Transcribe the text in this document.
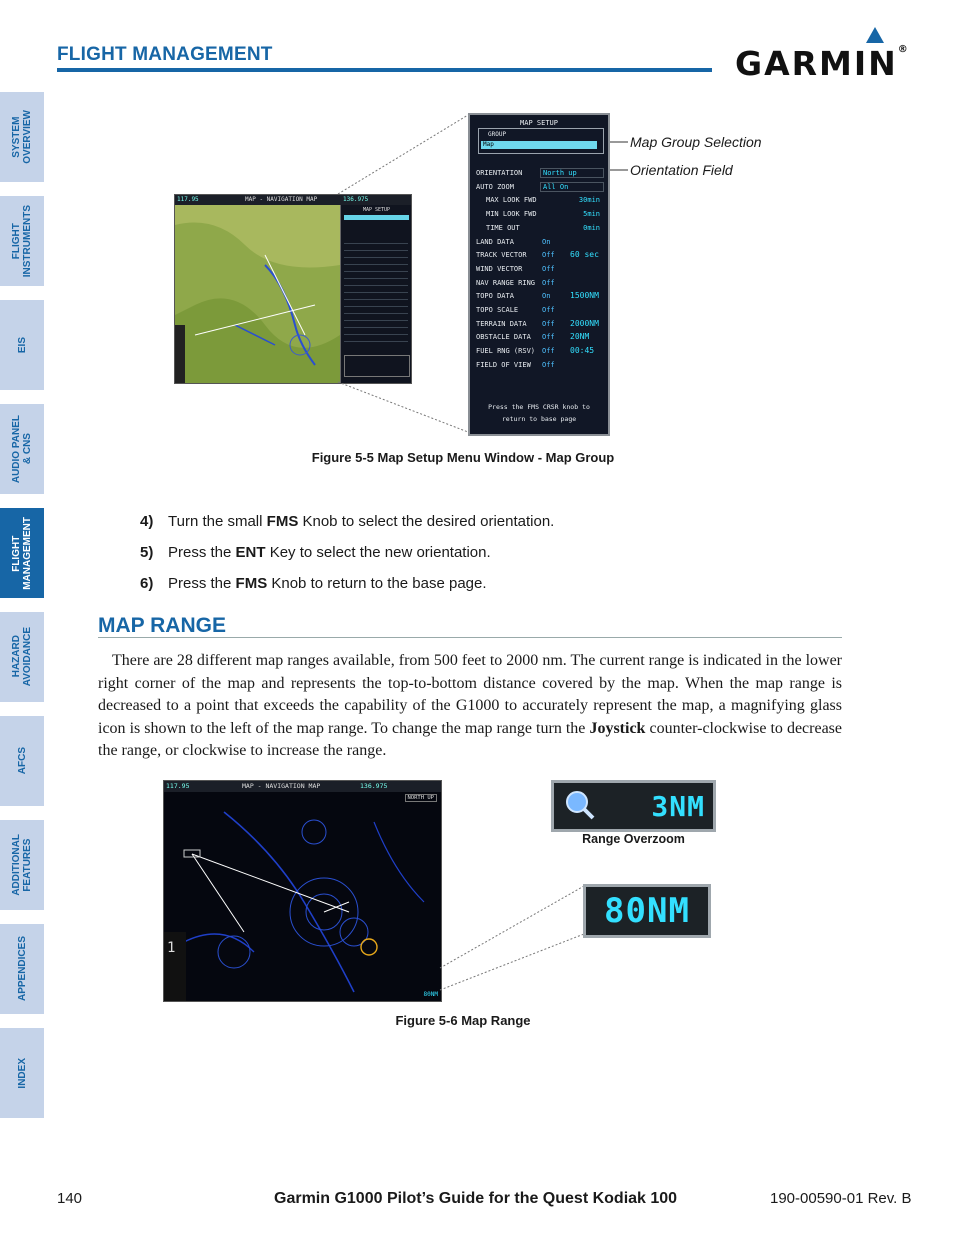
FLIGHT MANAGEMENT	GARMIN®
SYSTEM
OVERVIEW
FLIGHT
INSTRUMENTS
EIS
AUDIO PANEL
& CNS
FLIGHT
MANAGEMENT
HAZARD
AVOIDANCE
AFCS
ADDITIONAL
FEATURES
APPENDICES
INDEX
117.95	MAP - NAVIGATION MAP	136.975
MAP SETUP
MAP SETUP
GROUP
Map
ORIENTATION	North up
AUTO ZOOM	All On
MAX LOOK FWD	30min
MIN LOOK FWD	5min
TIME OUT	0min
LAND DATA	On
TRACK VECTOR Off 60 sec
WIND VECTOR	Off
NAV RANGE RING Off
TOPO DATA	On 1500NM
TOPO SCALE	Off
TERRAIN DATA Off 2000NM
OBSTACLE DATA Off 20NM
FUEL RNG (RSV) Off 00:45
FIELD OF VIEW Off
Press the FMS CRSR knob to
return to base page
Map Group Selection
Orientation Field
Figure 5-5 Map Setup Menu Window - Map Group
4) Turn the small FMS Knob to select the desired orientation.
5) Press the ENT Key to select the new orientation.
6) Press the FMS Knob to return to the base page.
MAP RANGE
There are 28 different map ranges available, from 500 feet to 2000 nm. The current range is indicated in the lower right corner of the map and represents the top-to-bottom distance covered by the map. When the map range is decreased to a point that exceeds the capability of the G1000 to accurately represent the map, a magnifying glass icon is shown to the left of the map range. To change the map range turn the Joystick counter-clockwise to decrease the range, or clockwise to increase the range.
117.95	MAP - NAVIGATION MAP	136.975
NORTH UP
1
80NM
3NM
Range Overzoom
80NM
Figure 5-6 Map Range
140	Garmin G1000 Pilot’s Guide for the Quest Kodiak 100	190-00590-01 Rev. B
